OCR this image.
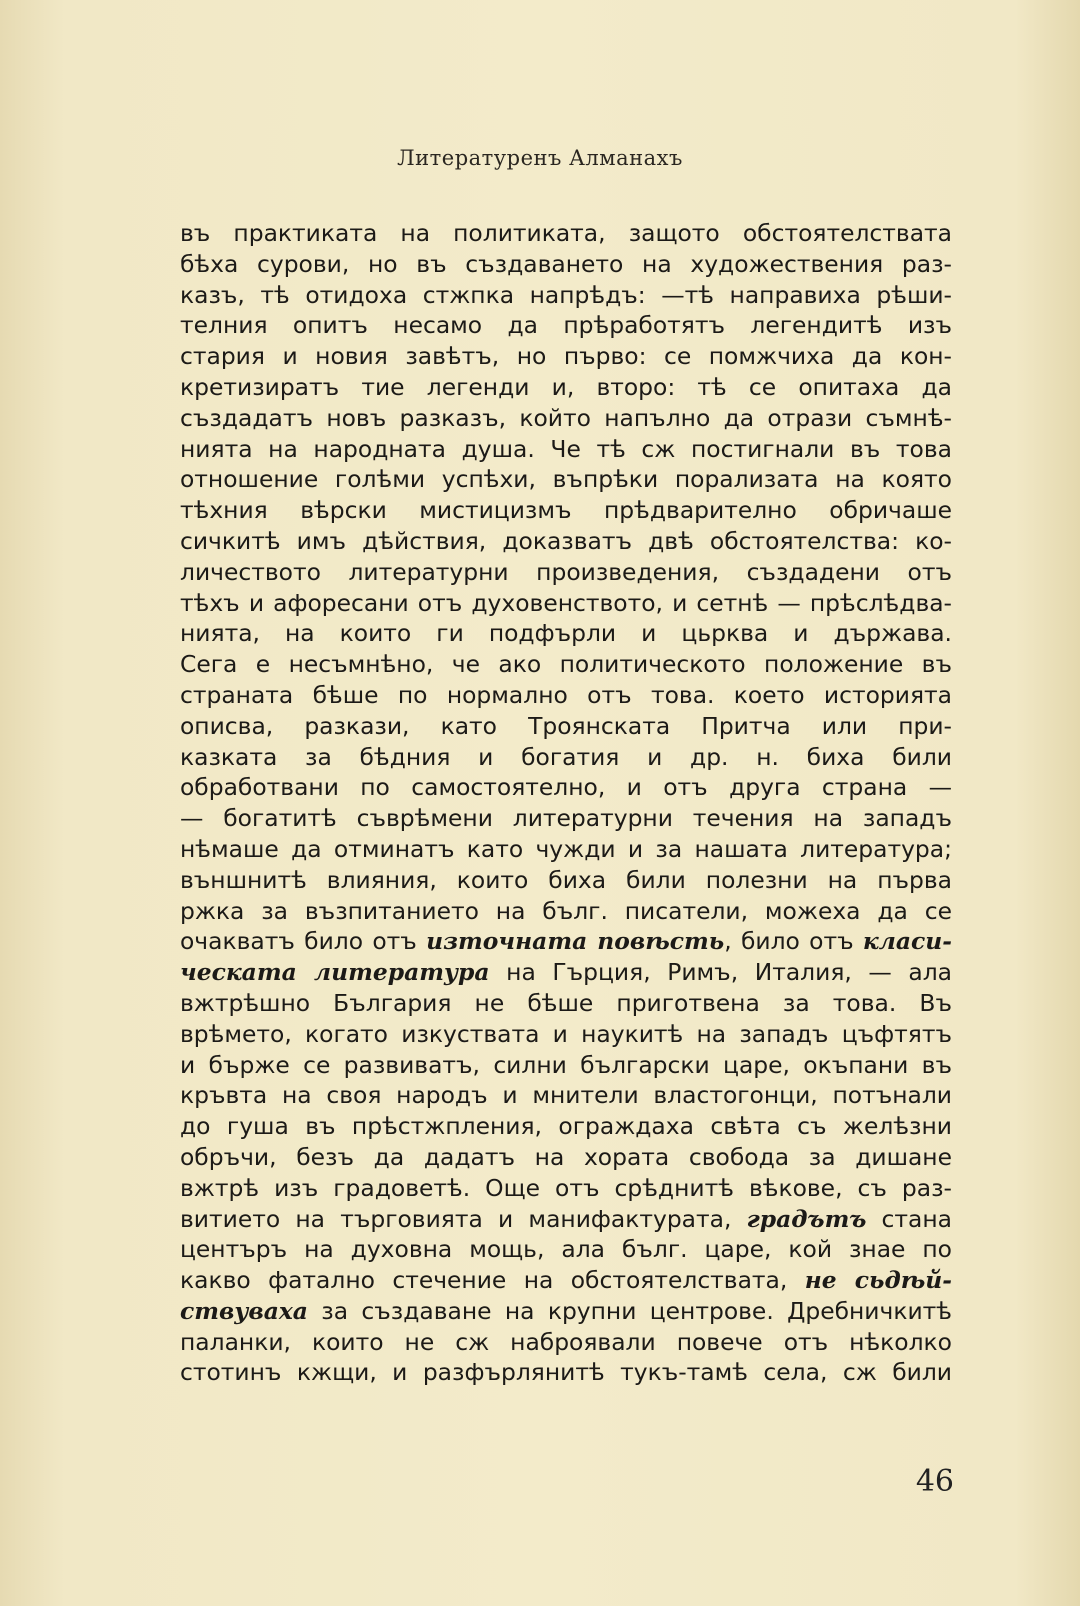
Литературенъ Алманахъ
въ практиката на политиката, защото обстоятелствата
бѣха сурови, но въ създаването на художествения раз-
казъ, тѣ отидоха стжпка напрѣдъ: —тѣ направиха рѣши-
телния опитъ несамо да прѣработятъ легендитѣ изъ
стария и новия завѣтъ, но първо: се помжчиха да кон-
кретизиратъ тие легенди и, второ: тѣ се опитаха да
създадатъ новъ разказъ, който напълно да отрази съмнѣ-
нията на народната душа. Че тѣ сж постигнали въ това
отношение голѣми успѣхи, въпрѣки порализата на която
тѣхния вѣрски мистицизмъ прѣдварително обричаше
сичкитѣ имъ дѣйствия, доказватъ двѣ обстоятелства: ко-
личеството литературни произведения, създадени отъ
тѣхъ и афоресани отъ духовенството, и сетнѣ — прѣслѣдва-
нията, на които ги подфърли и цьрква и държава.
Сега е несъмнѣно, че ако политическото положение въ
страната бѣше по нормално отъ това. което историята
описва, разкази, като Троянската Притча или при-
казката за бѣдния и богатия и др. н. биха били
обработвани по самостоятелно, и отъ друга страна —
— богатитѣ съврѣмени литературни течения на западъ
нѣмаше да отминатъ като чужди и за нашата литература;
външнитѣ влияния, които биха били полезни на първа
ржка за възпитанието на бълг. писатели, можеха да се
очакватъ било отъ източната повѣсть, било отъ класи-
ческата литература на Гърция, Римъ, Италия, — ала
вжтрѣшно България не бѣше приготвена за това. Въ
врѣмето, когато изкуствата и наукитѣ на западъ цъфтятъ
и бърже се развиватъ, силни български царе, окъпани въ
кръвта на своя народъ и мнители властогонци, потънали
до гуша въ прѣстжпления, ограждаха свѣта съ желѣзни
обръчи, безъ да дадатъ на хората свобода за дишане
вжтрѣ изъ градоветѣ. Още отъ срѣднитѣ вѣкове, съ раз-
витието на търговията и манифактурата, градътъ стана
центъръ на духовна мощь, ала бълг. царе, кой знае по
какво фатално стечение на обстоятелствата, не сьдѣй-
ствуваха за създаване на крупни центрове. Дребничкитѣ
паланки, които не сж наброявали повече отъ нѣколко
стотинъ кжщи, и разфърлянитѣ тукъ-тамѣ села, сж били
46
